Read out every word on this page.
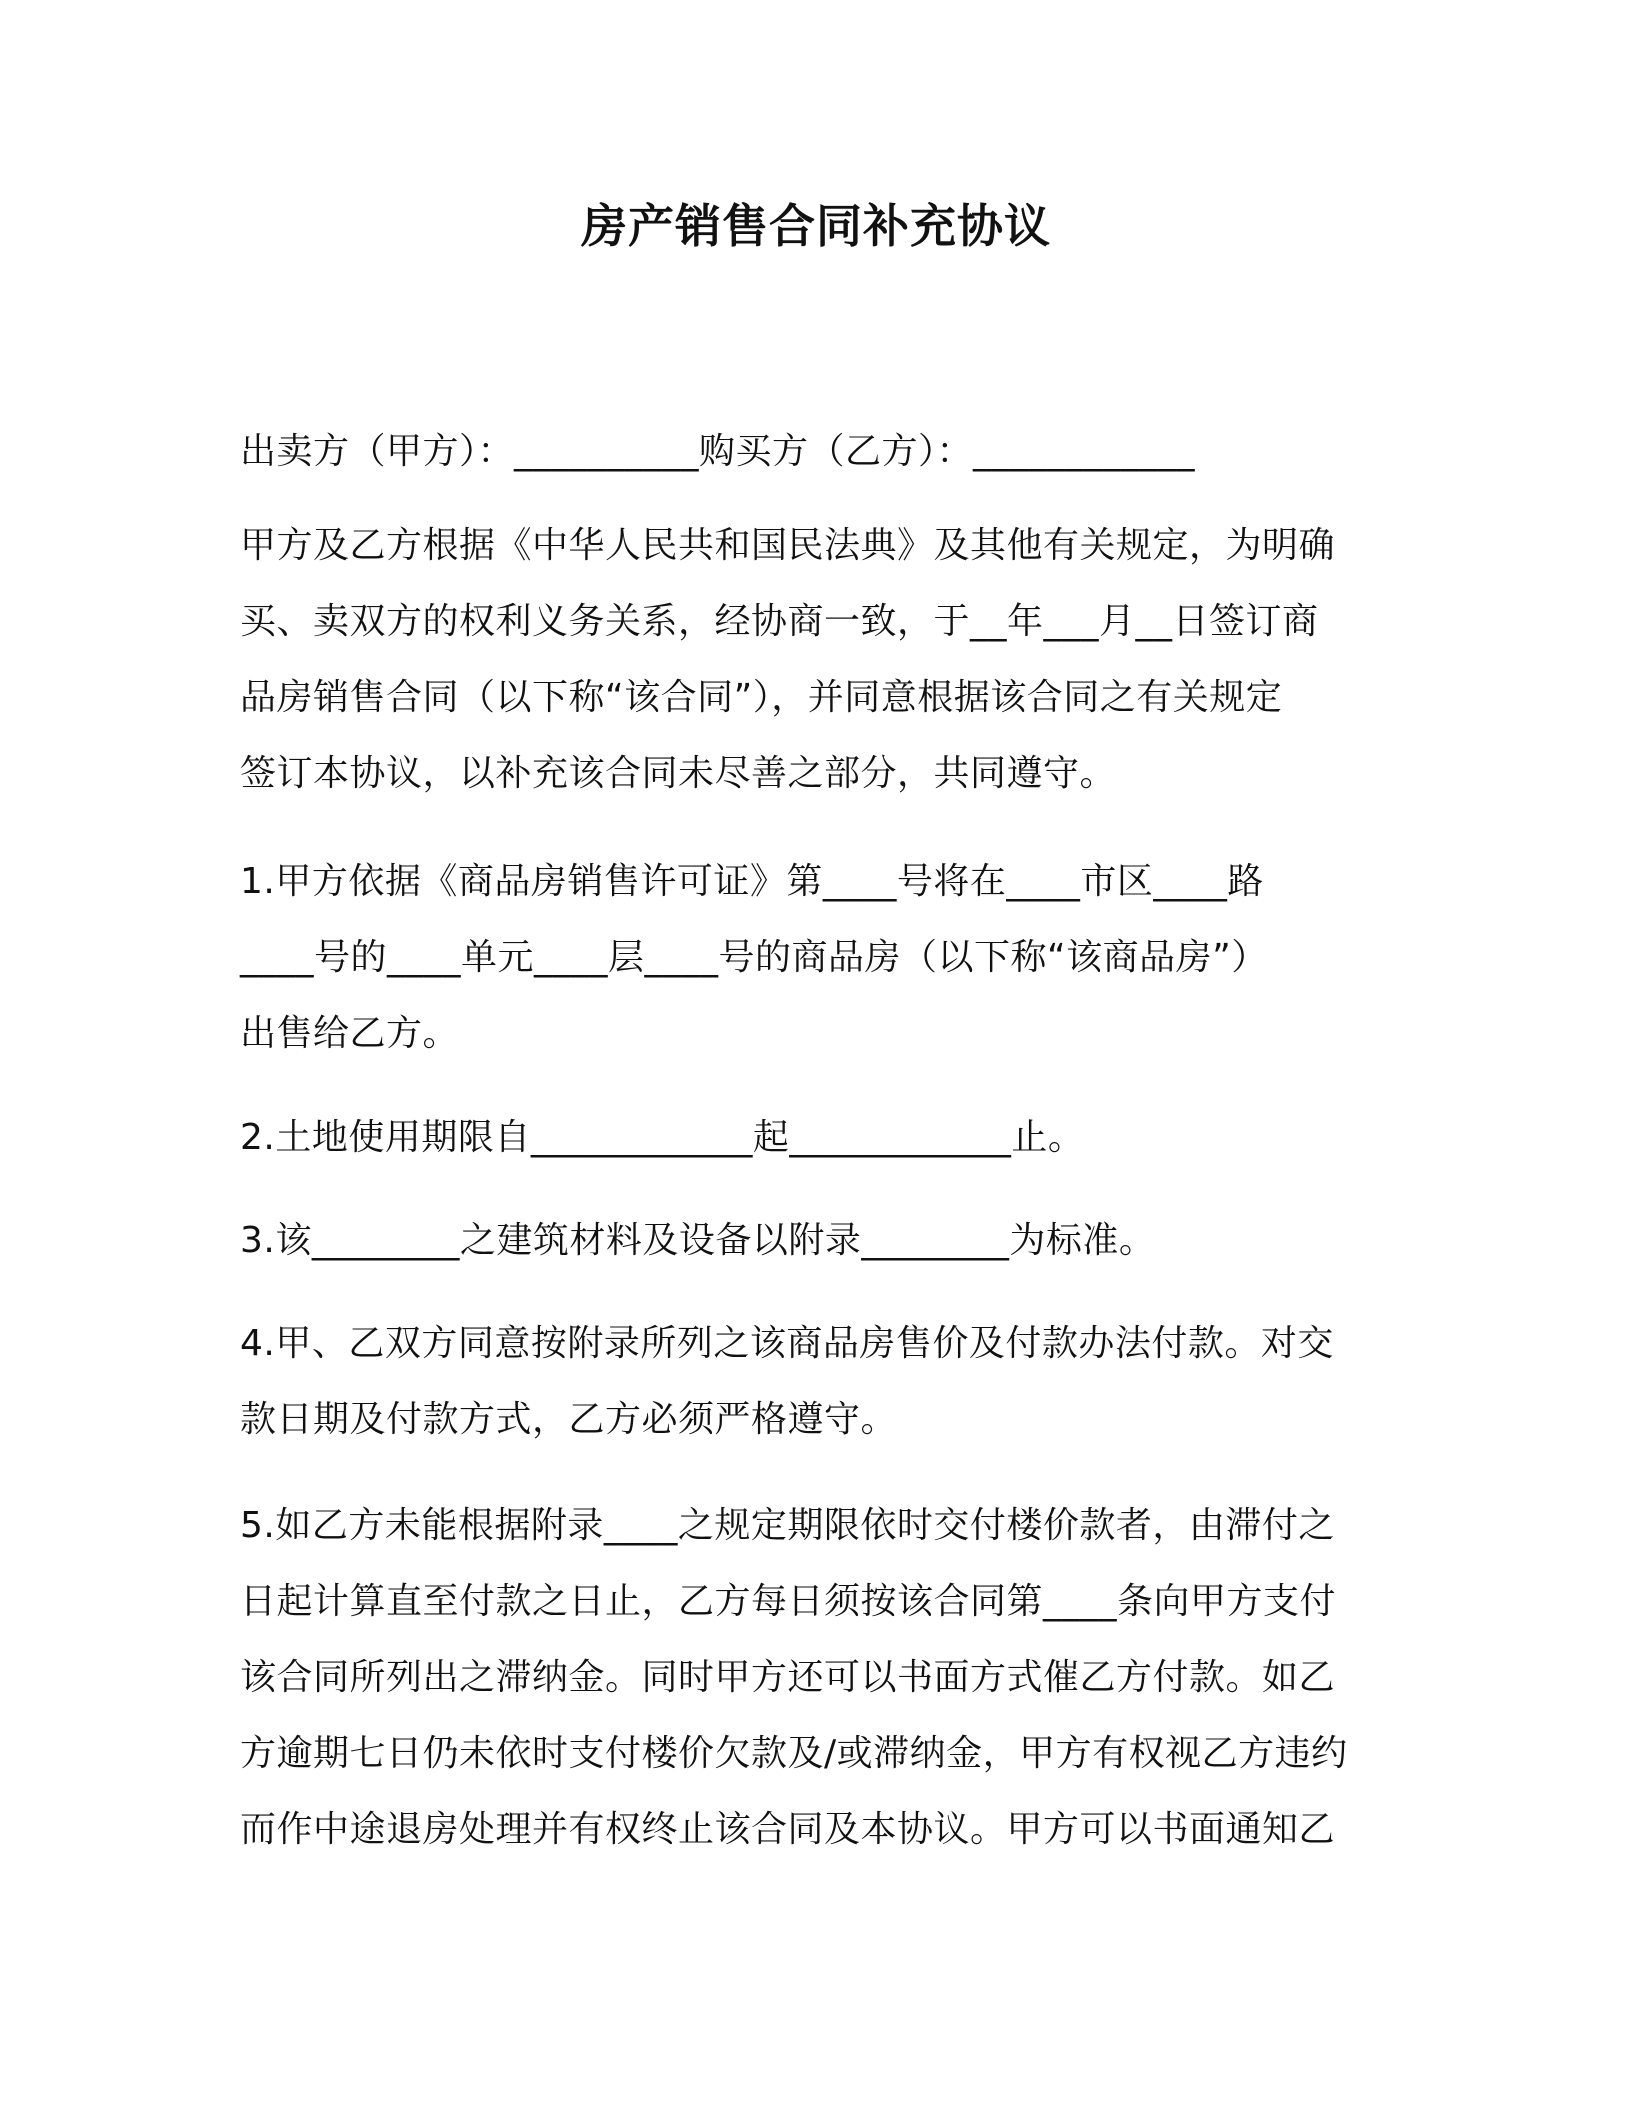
房产销售合同补充协议
出卖方（甲方）：__________购买方（乙方）：____________
甲方及乙方根据《中华人民共和国民法典》及其他有关规定，为明确
买、卖双方的权利义务关系，经协商一致，于__年___月__日签订商
品房销售合同（以下称“该合同”），并同意根据该合同之有关规定
签订本协议，以补充该合同未尽善之部分，共同遵守。
1.甲方依据《商品房销售许可证》第____号将在____市区____路
____号的____单元____层____号的商品房（以下称“该商品房”）
出售给乙方。
2.土地使用期限自____________起____________止。
3.该________之建筑材料及设备以附录________为标准。
4.甲、乙双方同意按附录所列之该商品房售价及付款办法付款。对交
款日期及付款方式，乙方必须严格遵守。
5.如乙方未能根据附录____之规定期限依时交付楼价款者，由滞付之
日起计算直至付款之日止，乙方每日须按该合同第____条向甲方支付
该合同所列出之滞纳金。同时甲方还可以书面方式催乙方付款。如乙
方逾期七日仍未依时支付楼价欠款及/或滞纳金，甲方有权视乙方违约
而作中途退房处理并有权终止该合同及本协议。甲方可以书面通知乙
